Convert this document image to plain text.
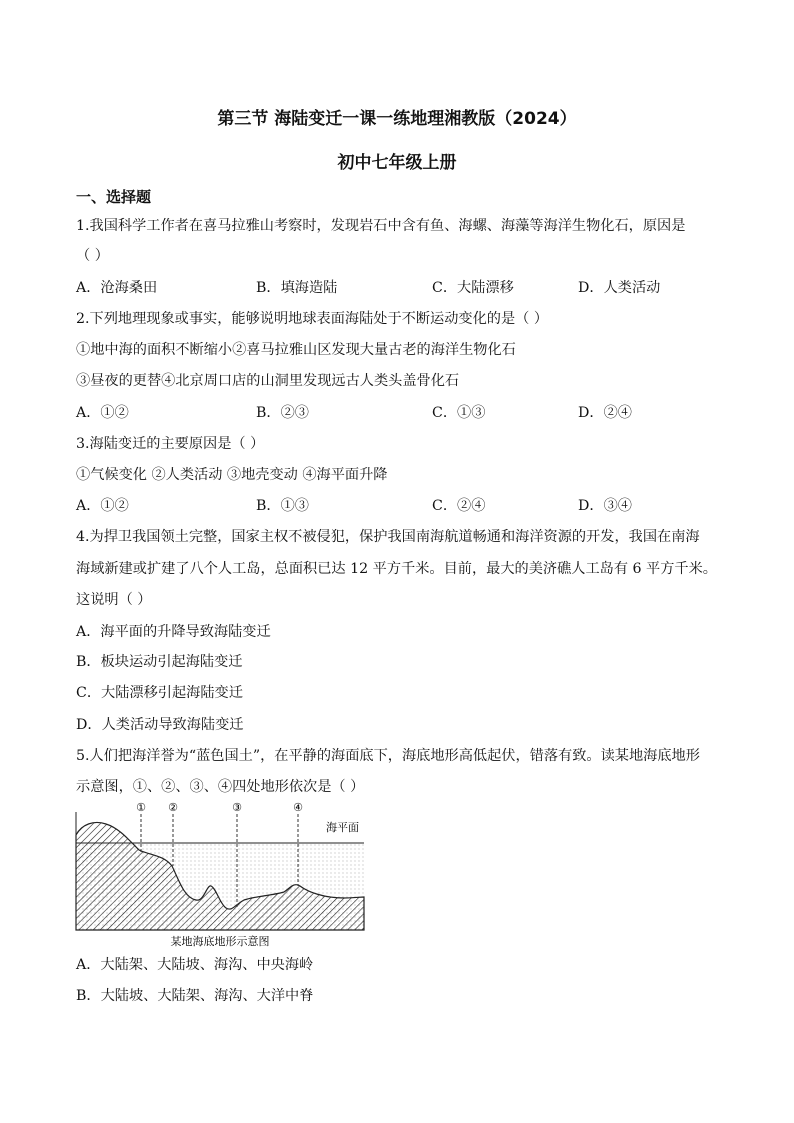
第三节 海陆变迁一课一练地理湘教版（2024）
初中七年级上册
一、选择题
1.我国科学工作者在喜马拉雅山考察时，发现岩石中含有鱼、海螺、海藻等海洋生物化石，原因是
（ ）
A．沧海桑田	B．填海造陆	C．大陆漂移	D．人类活动
2.下列地理现象或事实，能够说明地球表面海陆处于不断运动变化的是（ ）
①地中海的面积不断缩小②喜马拉雅山区发现大量古老的海洋生物化石
③昼夜的更替④北京周口店的山洞里发现远古人类头盖骨化石
A．①②	B．②③	C．①③	D．②④
3.海陆变迁的主要原因是（ ）
①气候变化 ②人类活动 ③地壳变动 ④海平面升降
A．①②	B．①③	C．②④	D．③④
4.为捍卫我国领土完整，国家主权不被侵犯，保护我国南海航道畅通和海洋资源的开发，我国在南海
海域新建或扩建了八个人工岛，总面积已达 12 平方千米。目前，最大的美济礁人工岛有 6 平方千米。
这说明（ ）
A．海平面的升降导致海陆变迁
B．板块运动引起海陆变迁
C．大陆漂移引起海陆变迁
D．人类活动导致海陆变迁
5.人们把海洋誉为“蓝色国土”，在平静的海面底下，海底地形高低起伏，错落有致。读某地海底地形
示意图，①、②、③、④四处地形依次是（ ）
① ②	③	④
海平面
某地海底地形示意图
A．大陆架、大陆坡、海沟、中央海岭
B．大陆坡、大陆架、海沟、大洋中脊
